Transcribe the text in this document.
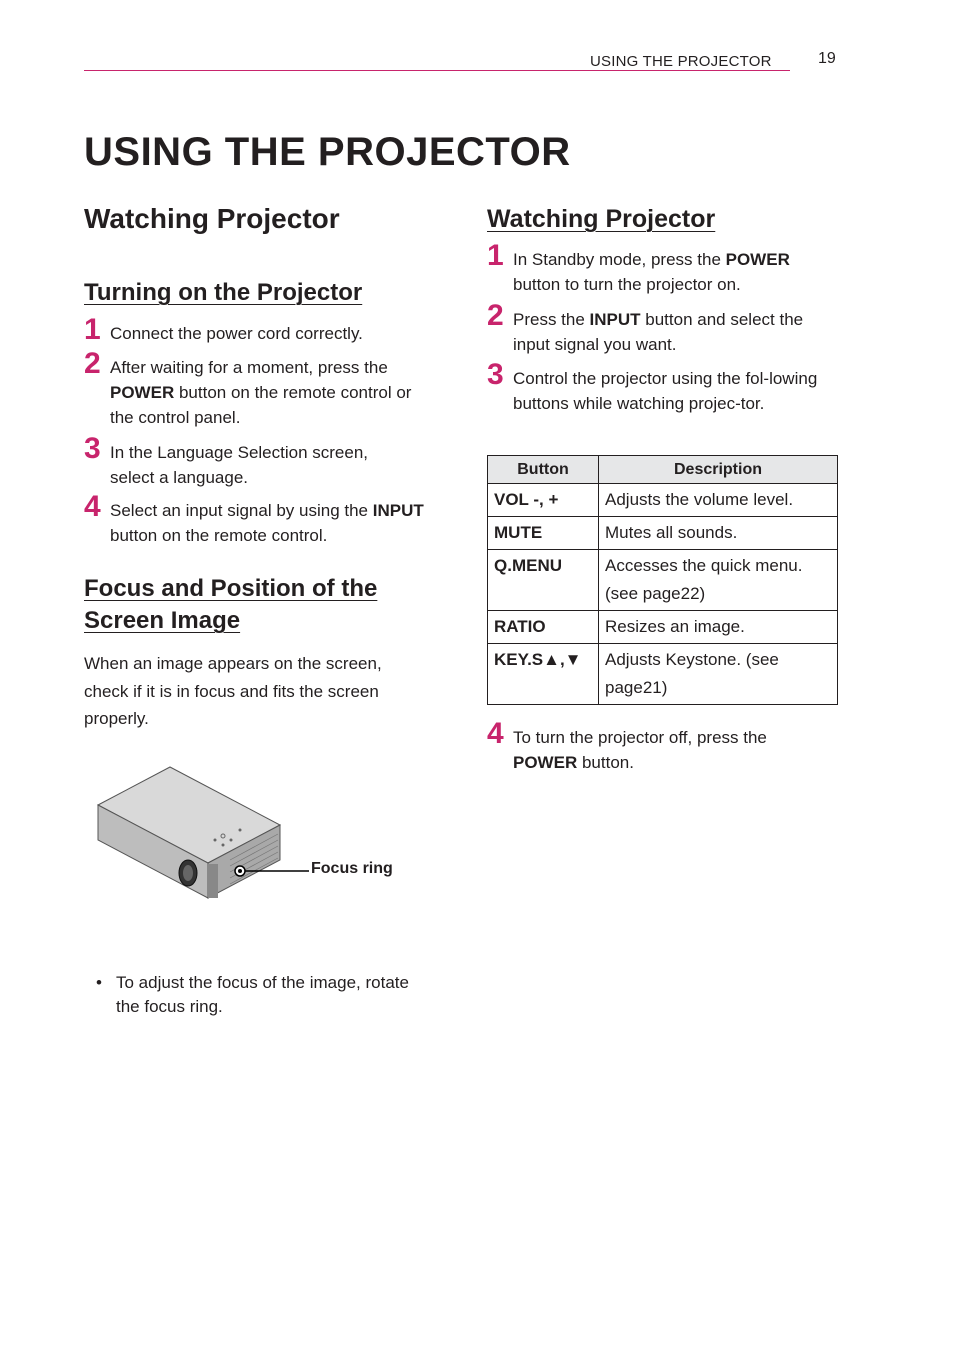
USING THE PROJECTOR	19
USING THE PROJECTOR
Watching Projector
Turning on the Projector
1 Connect the power cord correctly.
2 After waiting for a moment, press the POWER button on the remote control or the control panel.
3 In the Language Selection screen, select a language.
4 Select an input signal by using the INPUT button on the remote control.
Focus and Position of the
Screen Image

When an image appears on the screen, check if it is in focus and fits the screen properly.

Focus ring
• To adjust the focus of the image, rotate the focus ring.
Watching Projector
1 In Standby mode, press the POWER button to turn the projector on.
2 Press the INPUT button and select the input signal you want.
3 Control the projector using the fol-lowing buttons while watching projec-tor.
Button	Description
VOL -, +	Adjusts the volume level.
MUTE	Mutes all sounds.
Q.MENU	Accesses the quick menu. (see page22)
RATIO	Resizes an image.
KEY.S▲,▼	Adjusts Keystone. (see page21)
4 To turn the projector off, press the POWER button.
